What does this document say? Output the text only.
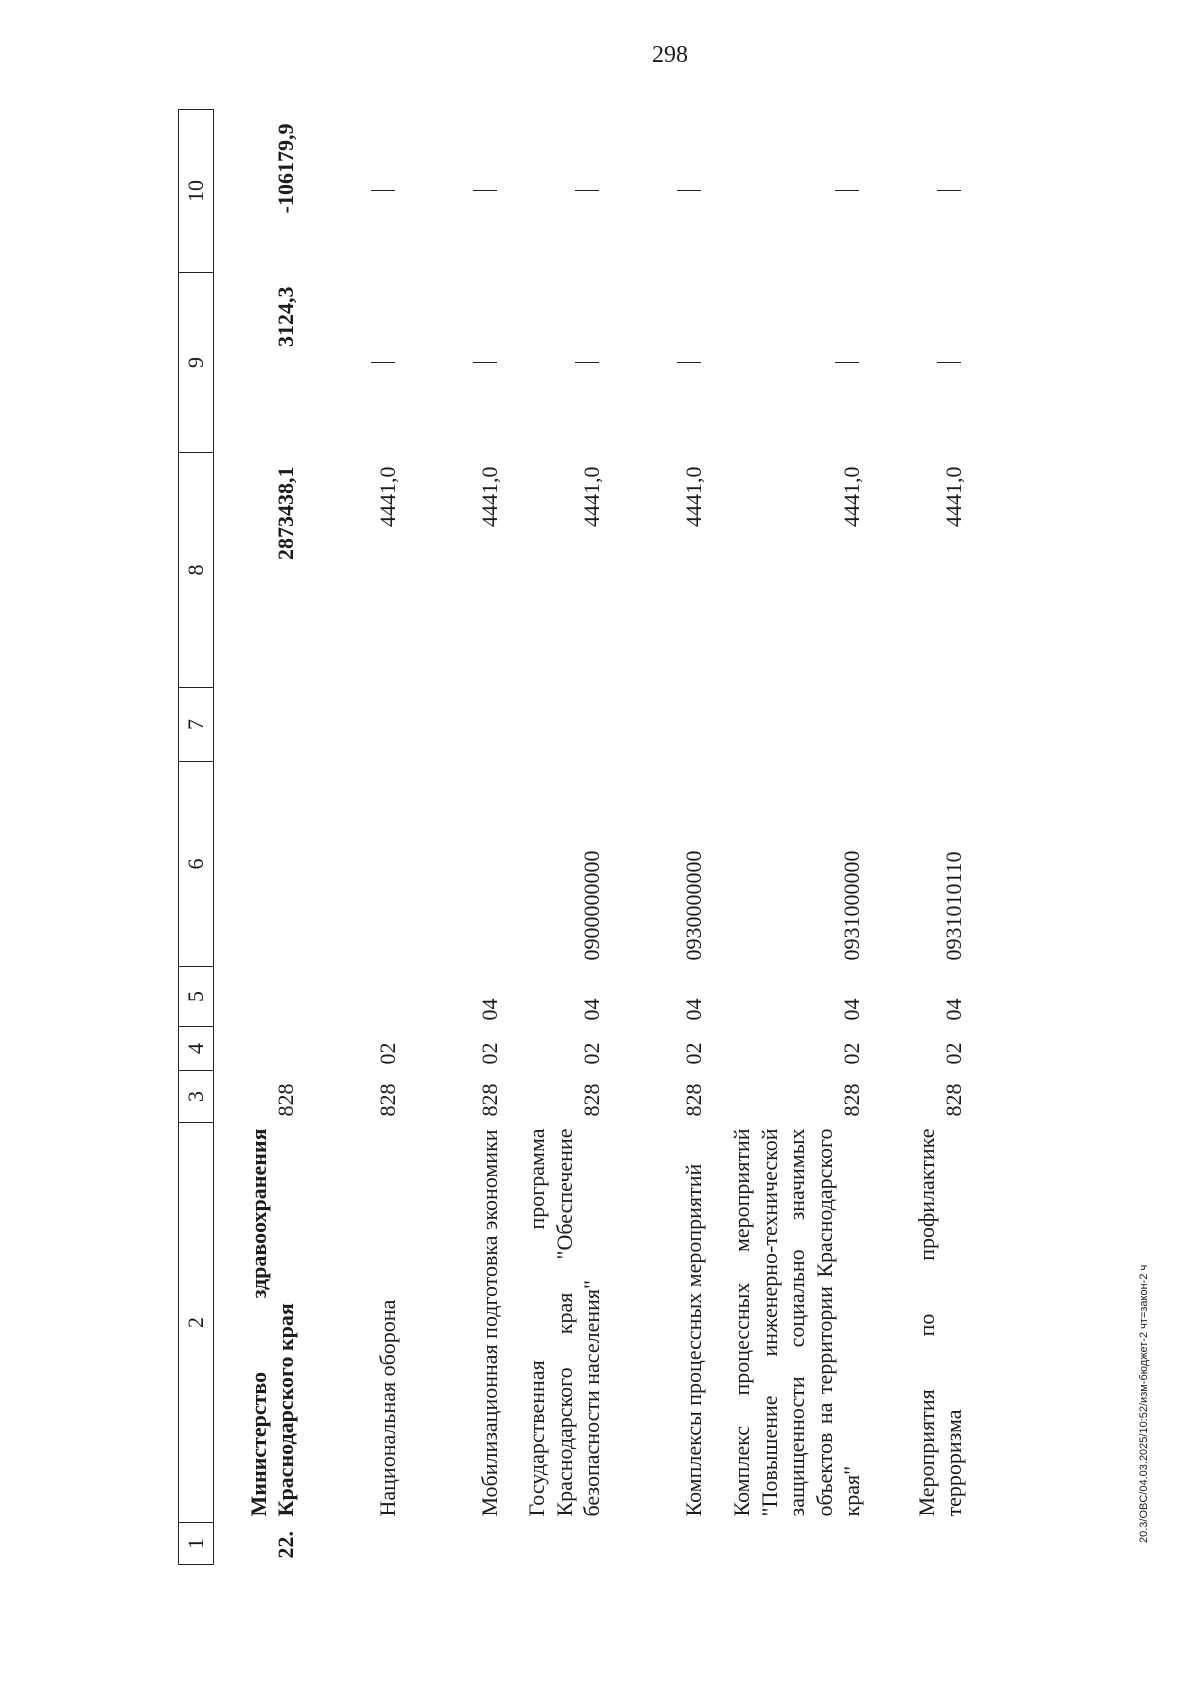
298
20.3/OBC/04.03.2025/10:52/изм-бюджет-2 чт=закон-2 ч
1	2	3	4	5	6	7	8	9	10
22.	Министерство здравоохранения Краснодарского края	828					2873438,1	3124,3	-106179,9
	Национальная оборона	828	02				4441,0		
	Мобилизационная подготовка экономики	828	02	04			4441,0		
	Государственная программа Краснодарского края "Обеспечение безопасности населения"	828	02	04	0900000000		4441,0		
	Комплексы процессных мероприятий	828	02	04	0930000000		4441,0		
	Комплекс процессных мероприятий "Повышение инженерно-технической защищенности социально значимых объектов на территории Краснодарского края"	828	02	04	0931000000		4441,0		
	Мероприятия по профилактике терроризма	828	02	04	0931010110		4441,0		
